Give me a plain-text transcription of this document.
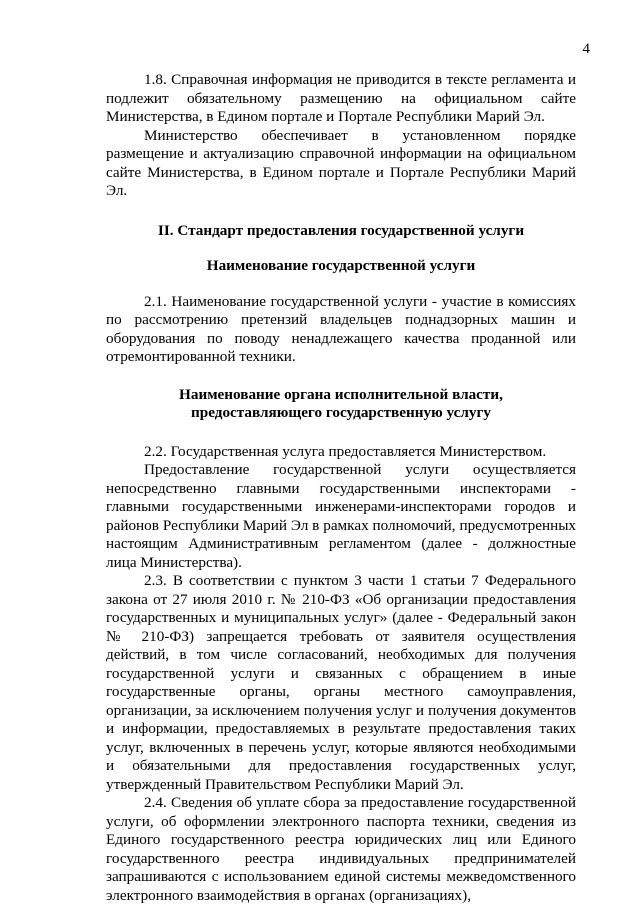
4

1.8. Справочная информация не приводится в тексте регламента и подлежит обязательному размещению на официальном сайте Министерства, в Едином портале и Портале Республики Марий Эл.

Министерство обеспечивает в установленном порядке размещение и актуализацию справочной информации на официальном сайте Министерства, в Едином портале и Портале Республики Марий Эл.

II. Стандарт предоставления государственной услуги

Наименование государственной услуги

2.1. Наименование государственной услуги - участие в комиссиях по рассмотрению претензий владельцев поднадзорных машин и оборудования по поводу ненадлежащего качества проданной или отремонтированной техники.

Наименование органа исполнительной власти,
предоставляющего государственную услугу

2.2. Государственная услуга предоставляется Министерством.

Предоставление государственной услуги осуществляется непосредственно главными государственными инспекторами - главными государственными инженерами-инспекторами городов и районов Республики Марий Эл в рамках полномочий, предусмотренных настоящим Административным регламентом (далее - должностные лица Министерства).

2.3. В соответствии с пунктом 3 части 1 статьи 7 Федерального закона от 27 июля 2010 г. № 210-ФЗ «Об организации предоставления государственных и муниципальных услуг» (далее - Федеральный закон № 210-ФЗ) запрещается требовать от заявителя осуществления действий, в том числе согласований, необходимых для получения государственной услуги и связанных с обращением в иные государственные органы, органы местного самоуправления, организации, за исключением получения услуг и получения документов и информации, предоставляемых в результате предоставления таких услуг, включенных в перечень услуг, которые являются необходимыми и обязательными для предоставления государственных услуг, утвержденный Правительством Республики Марий Эл.

2.4. Сведения об уплате сбора за предоставление государственной услуги, об оформлении электронного паспорта техники, сведения из Единого государственного реестра юридических лиц или Единого государственного реестра индивидуальных предпринимателей запрашиваются с использованием единой системы межведомственного электронного взаимодействия в органах (организациях),
